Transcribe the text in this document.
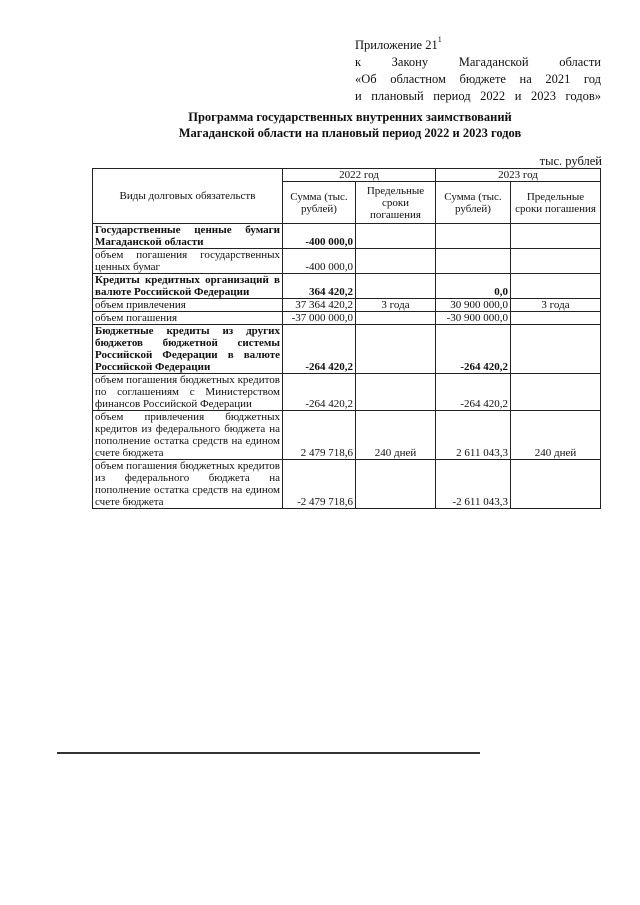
Приложение $21^1$
к Закону Магаданской области
«Об областном бюджете на 2021 год
и плановый период 2022 и 2023 годов»
Программа государственных внутренних заимствований
Магаданской области на плановый период 2022 и 2023 годов
тыс. рублей
Виды долговых обязательств	2022 год		2023 год	
	Сумма (тыс. рублей)	Предельные сроки погашения	Сумма (тыс. рублей)	Предельные сроки погашения
Государственные ценные бумаги Магаданской области	-400 000,0			
объем погашения государственных ценных бумаг	-400 000,0			
Кредиты кредитных организаций в валюте Российской Федерации	364 420,2		0,0	
объем привлечения	37 364 420,2	3 года	30 900 000,0	3 года
объем погашения	-37 000 000,0		-30 900 000,0	
Бюджетные кредиты из других бюджетов бюджетной системы Российской Федерации в валюте Российской Федерации	-264 420,2		-264 420,2	
объем погашения бюджетных кредитов по соглашениям с Министерством финансов Российской Федерации	-264 420,2		-264 420,2	
объем привлечения бюджетных кредитов из федерального бюджета на пополнение остатка средств на едином счете бюджета	2 479 718,6	240 дней	2 611 043,3	240 дней
объем погашения бюджетных кредитов из федерального бюджета на пополнение остатка средств на едином счете бюджета	-2 479 718,6		-2 611 043,3	
